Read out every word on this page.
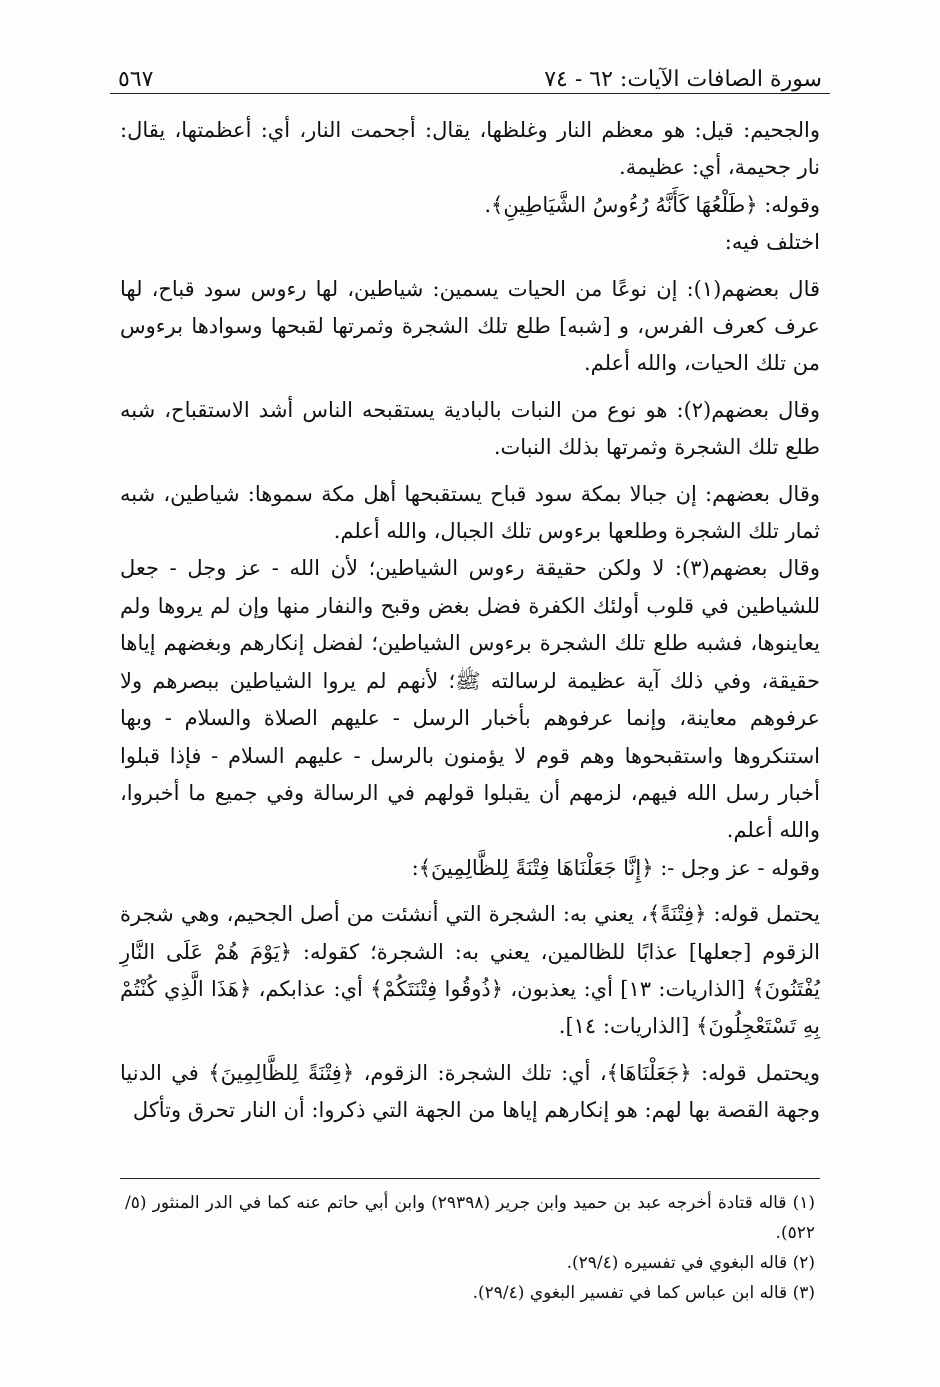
٥٦٧	سورة الصافات الآيات: ٦٢ - ٧٤

والجحيم: قيل: هو معظم النار وغلظها، يقال: أجحمت النار، أي: أعظمتها، يقال: نار جحيمة، أي: عظيمة.

وقوله: ﴿طَلْعُهَا كَأَنَّهُ رُءُوسُ الشَّيَاطِينِ﴾.

اختلف فيه:

قال بعضهم(١): إن نوعًا من الحيات يسمين: شياطين، لها رءوس سود قباح، لها عرف كعرف الفرس، و [شبه] طلع تلك الشجرة وثمرتها لقبحها وسوادها برءوس من تلك الحيات، والله أعلم.

وقال بعضهم(٢): هو نوع من النبات بالبادية يستقبحه الناس أشد الاستقباح، شبه طلع تلك الشجرة وثمرتها بذلك النبات.

وقال بعضهم: إن جبالا بمكة سود قباح يستقبحها أهل مكة سموها: شياطين، شبه ثمار تلك الشجرة وطلعها برءوس تلك الجبال، والله أعلم.

وقال بعضهم(٣): لا ولكن حقيقة رءوس الشياطين؛ لأن الله - عز وجل - جعل للشياطين في قلوب أولئك الكفرة فضل بغض وقبح والنفار منها وإن لم يروها ولم يعاينوها، فشبه طلع تلك الشجرة برءوس الشياطين؛ لفضل إنكارهم وبغضهم إياها حقيقة، وفي ذلك آية عظيمة لرسالته ﷺ؛ لأنهم لم يروا الشياطين ببصرهم ولا عرفوهم معاينة، وإنما عرفوهم بأخبار الرسل - عليهم الصلاة والسلام - وبها استنكروها واستقبحوها وهم قوم لا يؤمنون بالرسل - عليهم السلام - فإذا قبلوا أخبار رسل الله فيهم، لزمهم أن يقبلوا قولهم في الرسالة وفي جميع ما أخبروا، والله أعلم.

وقوله - عز وجل -: ﴿إِنَّا جَعَلْنَاهَا فِتْنَةً لِلظَّالِمِينَ﴾:

يحتمل قوله: ﴿فِتْنَةً﴾، يعني به: الشجرة التي أنشئت من أصل الجحيم، وهي شجرة الزقوم [جعلها] عذابًا للظالمين، يعني به: الشجرة؛ كقوله: ﴿يَوْمَ هُمْ عَلَى النَّارِ يُفْتَنُونَ﴾ [الذاريات: ١٣] أي: يعذبون، ﴿ذُوقُوا فِتْنَتَكُمْ﴾ أي: عذابكم، ﴿هَذَا الَّذِي كُنْتُمْ بِهِ تَسْتَعْجِلُونَ﴾ [الذاريات: ١٤].

ويحتمل قوله: ﴿جَعَلْنَاهَا﴾، أي: تلك الشجرة: الزقوم، ﴿فِتْنَةً لِلظَّالِمِينَ﴾ في الدنيا وجهة القصة بها لهم: هو إنكارهم إياها من الجهة التي ذكروا: أن النار تحرق وتأكل

(١) قاله قتادة أخرجه عبد بن حميد وابن جرير (٢٩٣٩٨) وابن أبي حاتم عنه كما في الدر المنثور (٥/ ٥٢٢).

(٢) قاله البغوي في تفسيره (٢٩/٤).

(٣) قاله ابن عباس كما في تفسير البغوي (٢٩/٤).
